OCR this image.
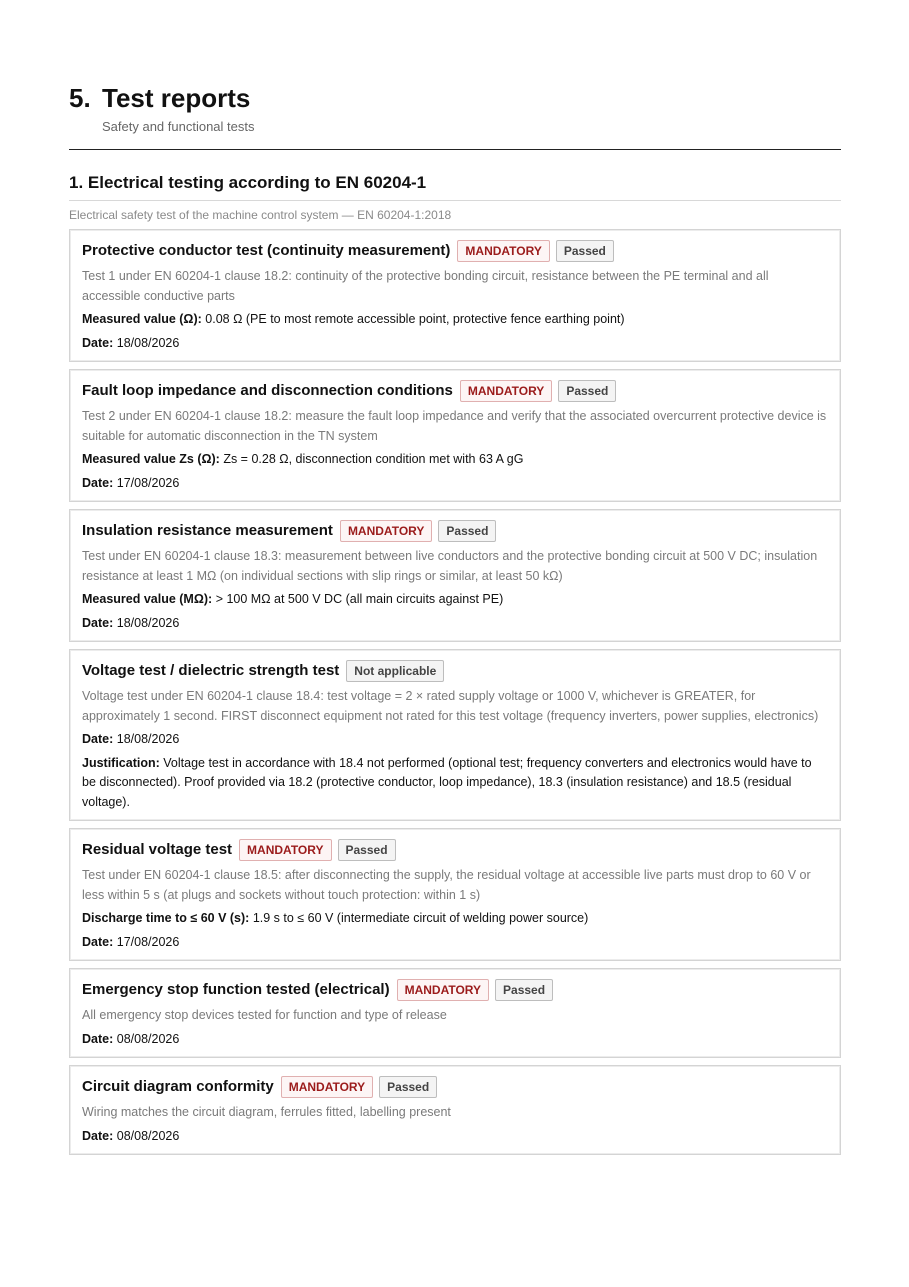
5. Test reports
Safety and functional tests
1. Electrical testing according to EN 60204-1
Electrical safety test of the machine control system — EN 60204-1:2018
Protective conductor test (continuity measurement)	MANDATORY	Passed
Test 1 under EN 60204-1 clause 18.2: continuity of the protective bonding circuit, resistance between the PE terminal and all accessible conductive parts
Measured value (Ω): 0.08 Ω (PE to most remote accessible point, protective fence earthing point)
Date: 18/08/2026
Fault loop impedance and disconnection conditions	MANDATORY	Passed
Test 2 under EN 60204-1 clause 18.2: measure the fault loop impedance and verify that the associated overcurrent protective device is suitable for automatic disconnection in the TN system
Measured value Zs (Ω): Zs = 0.28 Ω, disconnection condition met with 63 A gG
Date: 17/08/2026
Insulation resistance measurement	MANDATORY	Passed
Test under EN 60204-1 clause 18.3: measurement between live conductors and the protective bonding circuit at 500 V DC; insulation resistance at least 1 MΩ (on individual sections with slip rings or similar, at least 50 kΩ)
Measured value (MΩ): > 100 MΩ at 500 V DC (all main circuits against PE)
Date: 18/08/2026
Voltage test / dielectric strength test	Not applicable
Voltage test under EN 60204-1 clause 18.4: test voltage = 2 × rated supply voltage or 1000 V, whichever is GREATER, for approximately 1 second. FIRST disconnect equipment not rated for this test voltage (frequency inverters, power supplies, electronics)
Date: 18/08/2026
Justification: Voltage test in accordance with 18.4 not performed (optional test; frequency converters and electronics would have to be disconnected). Proof provided via 18.2 (protective conductor, loop impedance), 18.3 (insulation resistance) and 18.5 (residual voltage).
Residual voltage test	MANDATORY	Passed
Test under EN 60204-1 clause 18.5: after disconnecting the supply, the residual voltage at accessible live parts must drop to 60 V or less within 5 s (at plugs and sockets without touch protection: within 1 s)
Discharge time to ≤ 60 V (s): 1.9 s to ≤ 60 V (intermediate circuit of welding power source)
Date: 17/08/2026
Emergency stop function tested (electrical)	MANDATORY	Passed
All emergency stop devices tested for function and type of release
Date: 08/08/2026
Circuit diagram conformity	MANDATORY	Passed
Wiring matches the circuit diagram, ferrules fitted, labelling present
Date: 08/08/2026
